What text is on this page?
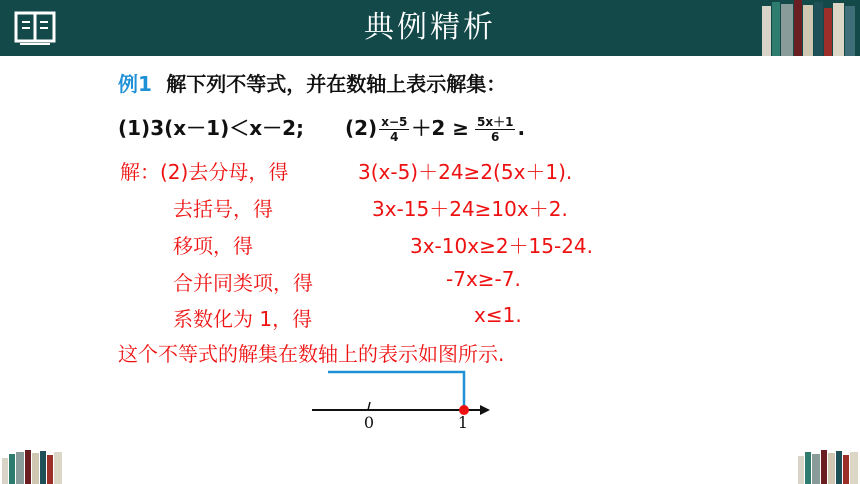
典例精析
例1 解下列不等式，并在数轴上表示解集：
(1)3(x－1)＜x－2; $(2) \frac{x-5}{4} +2 \ge \frac{5x+1}{6}$ .
解：(2)去分母，得	3(x-5)＋24≥2(5x＋1).
去括号，得	3x-15＋24≥10x＋2.
移项，得	3x-10x≥2＋15-24.
合并同类项，得	-7x≥-7.
系数化为 1，得	x≤1.
这个不等式的解集在数轴上的表示如图所示.
0	1
